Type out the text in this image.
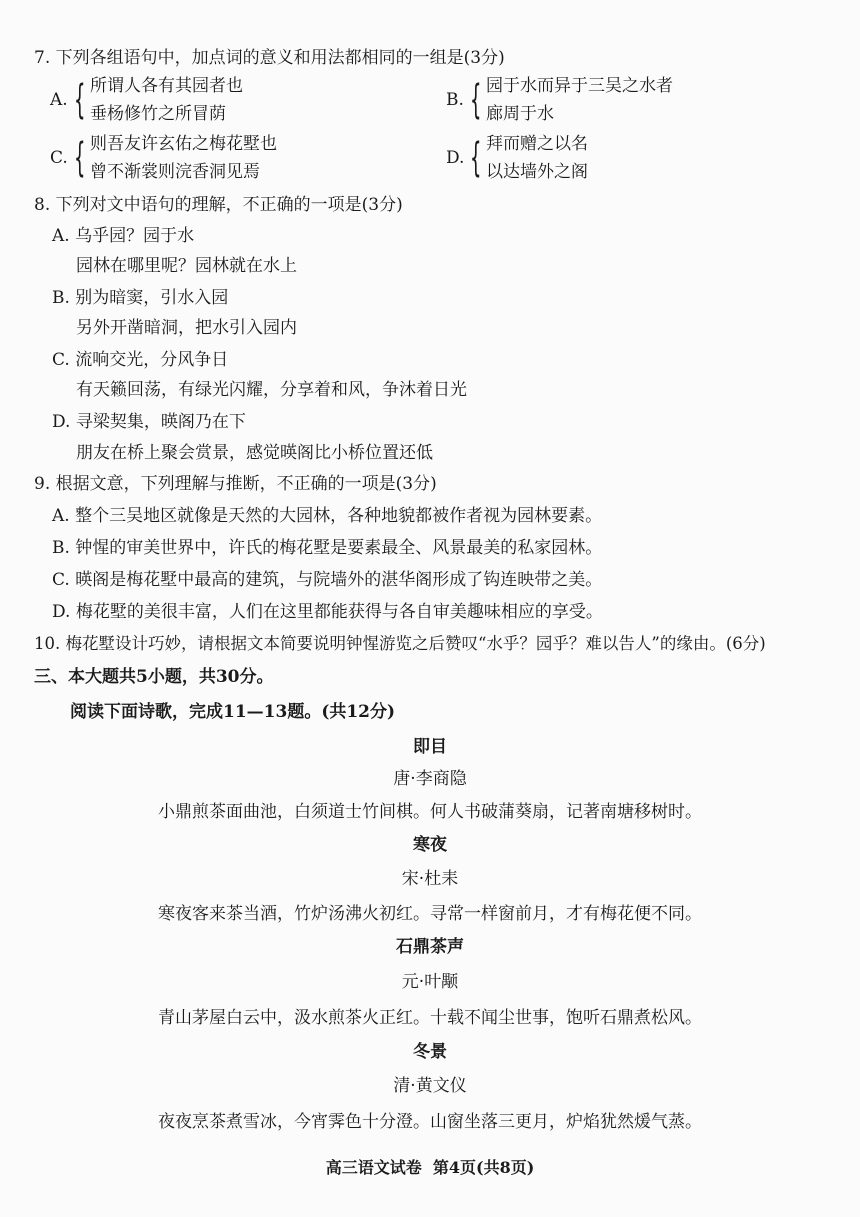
7. 下列各组语句中，加点词的意义和用法都相同的一组是(3分)
A. { 所谓人各有其园者也
垂杨修竹之所冒荫
B. { 园于水而异于三吴之水者
廊周于水
C. { 则吾友许玄佑之梅花墅也
曾不渐裳则浣香洞见焉
D. { 拜而赠之以名
以达墙外之阁
8. 下列对文中语句的理解，不正确的一项是(3分)
A. 乌乎园？园于水
园林在哪里呢？园林就在水上
B. 别为暗窦，引水入园
另外开凿暗洞，把水引入园内
C. 流响交光，分风争日
有天籁回荡，有绿光闪耀，分享着和风，争沐着日光
D. 寻梁契集，暎阁乃在下
朋友在桥上聚会赏景，感觉暎阁比小桥位置还低
9. 根据文意，下列理解与推断，不正确的一项是(3分)
A. 整个三吴地区就像是天然的大园林，各种地貌都被作者视为园林要素。
B. 钟惺的审美世界中，许氏的梅花墅是要素最全、风景最美的私家园林。
C. 暎阁是梅花墅中最高的建筑，与院墙外的湛华阁形成了钩连映带之美。
D. 梅花墅的美很丰富，人们在这里都能获得与各自审美趣味相应的享受。
10. 梅花墅设计巧妙，请根据文本简要说明钟惺游览之后赞叹“水乎？园乎？难以告人”的缘由。(6分)
三、本大题共5小题，共30分。
阅读下面诗歌，完成11—13题。(共12分)
即目
唐·李商隐
小鼎煎茶面曲池，白须道士竹间棋。何人书破蒲葵扇，记著南塘移树时。
寒夜
宋·杜耒
寒夜客来茶当酒，竹炉汤沸火初红。寻常一样窗前月，才有梅花便不同。
石鼎茶声
元·叶颙
青山茅屋白云中，汲水煎茶火正红。十载不闻尘世事，饱听石鼎煮松风。
冬景
清·黄文仪
夜夜烹茶煮雪冰，今宵霁色十分澄。山窗坐落三更月，炉焰犹然煖气蒸。
高三语文试卷  第4页(共8页)
